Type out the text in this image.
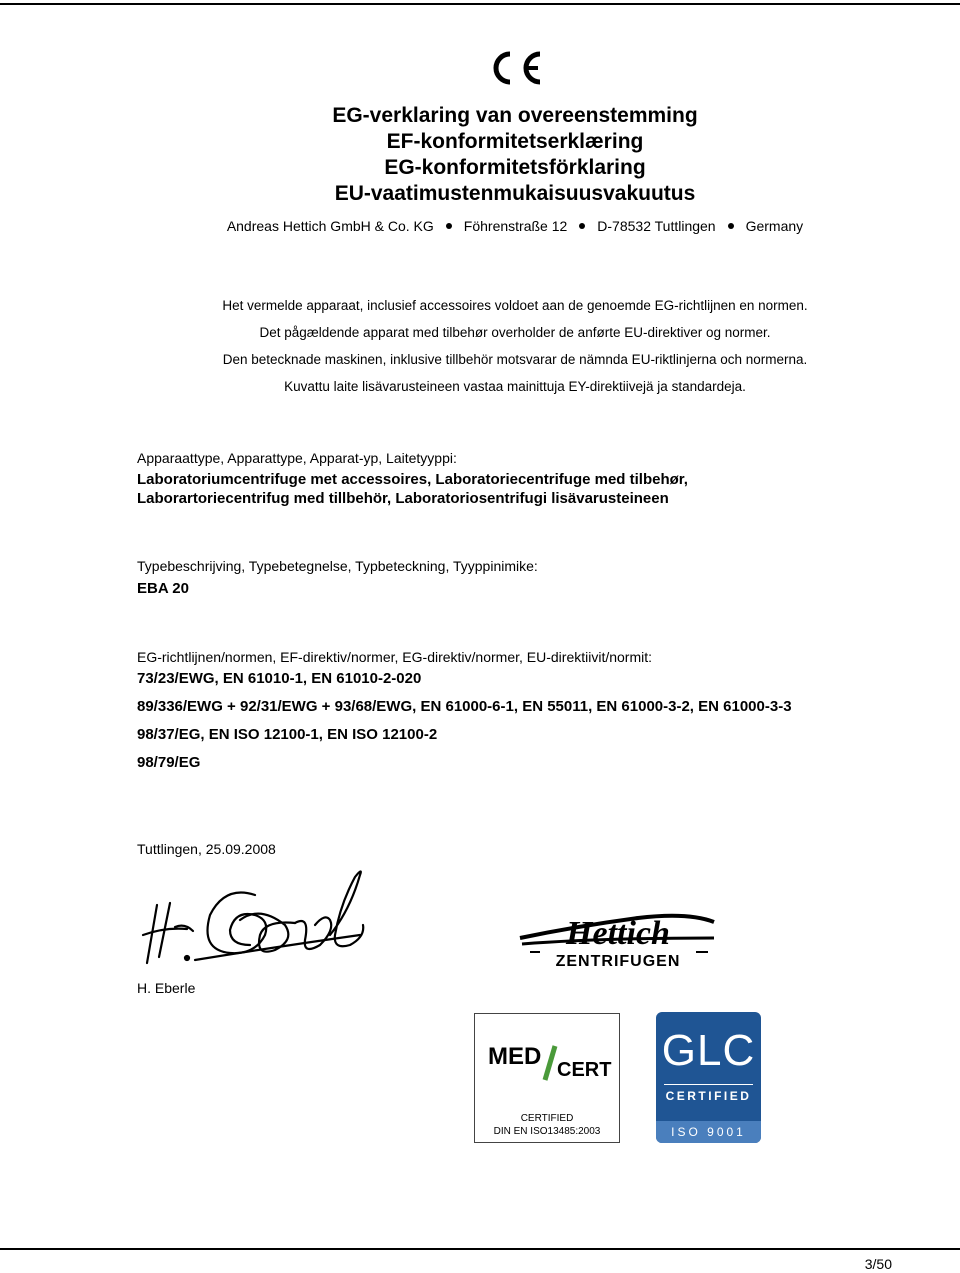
EG-verklaring van overeenstemming
EF-konformitetserklæring
EG-konformitetsförklaring
EU-vaatimustenmukaisuusvakuutus
Andreas Hettich GmbH & Co. KG Föhrenstraße 12 D-78532 Tuttlingen Germany
Het vermelde apparaat, inclusief accessoires voldoet aan de genoemde EG-richtlijnen en normen.
Det pågældende apparat med tilbehør overholder de anførte EU-direktiver og normer.
Den betecknade maskinen, inklusive tillbehör motsvarar de nämnda EU-riktlinjerna och normerna.
Kuvattu laite lisävarusteineen vastaa mainittuja EY-direktiivejä ja standardeja.
Apparaattype, Apparattype, Apparat-yp, Laitetyyppi:
Laboratoriumcentrifuge met accessoires, Laboratoriecentrifuge med tilbehør,
Laborartoriecentrifug med tillbehör, Laboratoriosentrifugi lisävarusteineen
Typebeschrijving, Typebetegnelse, Typbeteckning, Tyyppinimike:
EBA 20
EG-richtlijnen/normen, EF-direktiv/normer, EG-direktiv/normer, EU-direktiivit/normit:
73/23/EWG, EN 61010-1, EN 61010-2-020
89/336/EWG + 92/31/EWG + 93/68/EWG, EN 61000-6-1, EN 55011, EN 61000-3-2, EN 61000-3-3
98/37/EG, EN ISO 12100-1, EN ISO 12100-2
98/79/EG
Tuttlingen, 25.09.2008
H. Eberle
Hettich
ZENTRIFUGEN
MED CERT
CERTIFIED
DIN EN ISO13485:2003
GLC
CERTIFIED
ISO 9001
3/50
